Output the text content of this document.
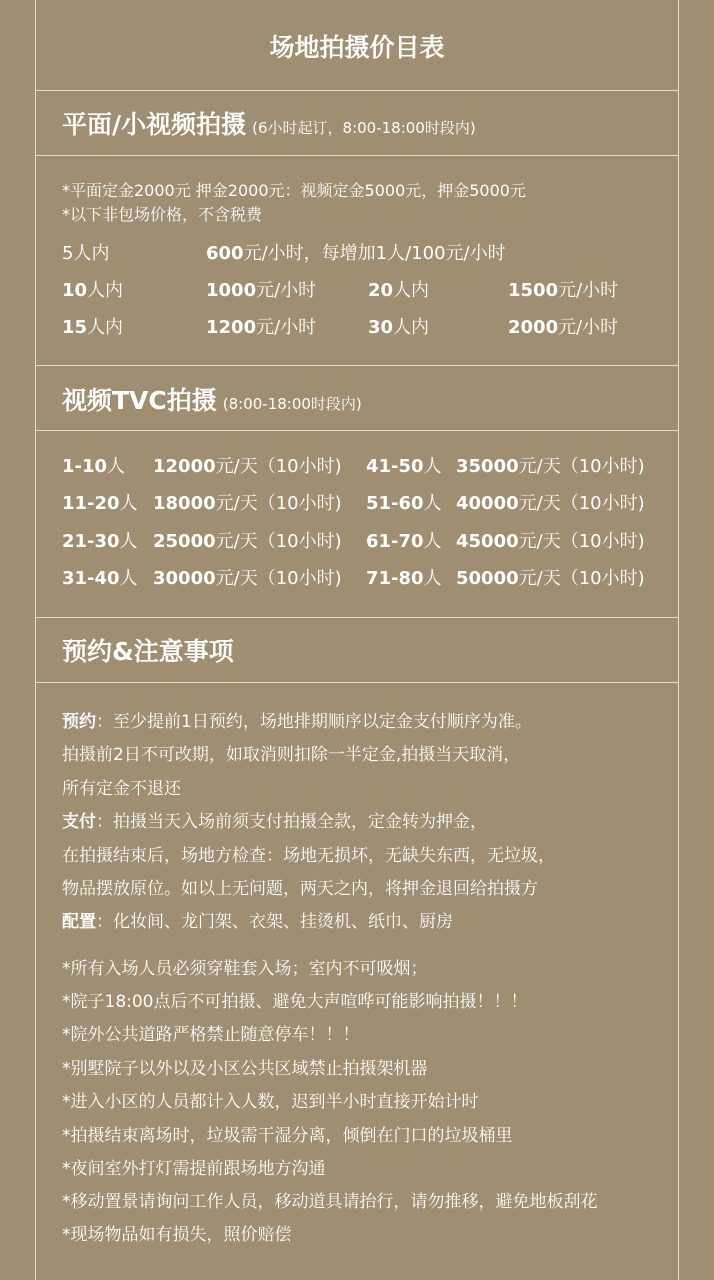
场地拍摄价目表
平面/小视频拍摄 (6小时起订，8:00-18:00时段内)
*平面定金2000元 押金2000元：视频定金5000元，押金5000元
*以下非包场价格，不含税费
5人内	600元/小时，每增加1人/100元/小时
10人内	1000元/小时	20人内	1500元/小时
15人内	1200元/小时	30人内	2000元/小时
视频TVC拍摄 (8:00-18:00时段内)
1-10人 12000元/天（10小时) 41-50人 35000元/天（10小时)
11-20人 18000元/天（10小时) 51-60人 40000元/天（10小时)
21-30人 25000元/天（10小时) 61-70人 45000元/天（10小时)
31-40人 30000元/天（10小时) 71-80人 50000元/天（10小时)
预约&注意事项
预约：至少提前1日预约，场地排期顺序以定金支付顺序为准。
拍摄前2日不可改期，如取消则扣除一半定金,拍摄当天取消，
所有定金不退还
支付：拍摄当天入场前须支付拍摄全款，定金转为押金，
在拍摄结束后，场地方检查：场地无损坏，无缺失东西，无垃圾，
物品摆放原位。如以上无问题，两天之内，将押金退回给拍摄方
配置：化妆间、龙门架、衣架、挂烫机、纸巾、厨房
*所有入场人员必须穿鞋套入场；室内不可吸烟；
*院子18:00点后不可拍摄、避免大声喧哗可能影响拍摄！！！
*院外公共道路严格禁止随意停车！！！
*别墅院子以外以及小区公共区域禁止拍摄架机器
*进入小区的人员都计入人数，迟到半小时直接开始计时
*拍摄结束离场时，垃圾需干湿分离，倾倒在门口的垃圾桶里
*夜间室外打灯需提前跟场地方沟通
*移动置景请询问工作人员，移动道具请抬行，请勿推移，避免地板刮花
*现场物品如有损失，照价赔偿
